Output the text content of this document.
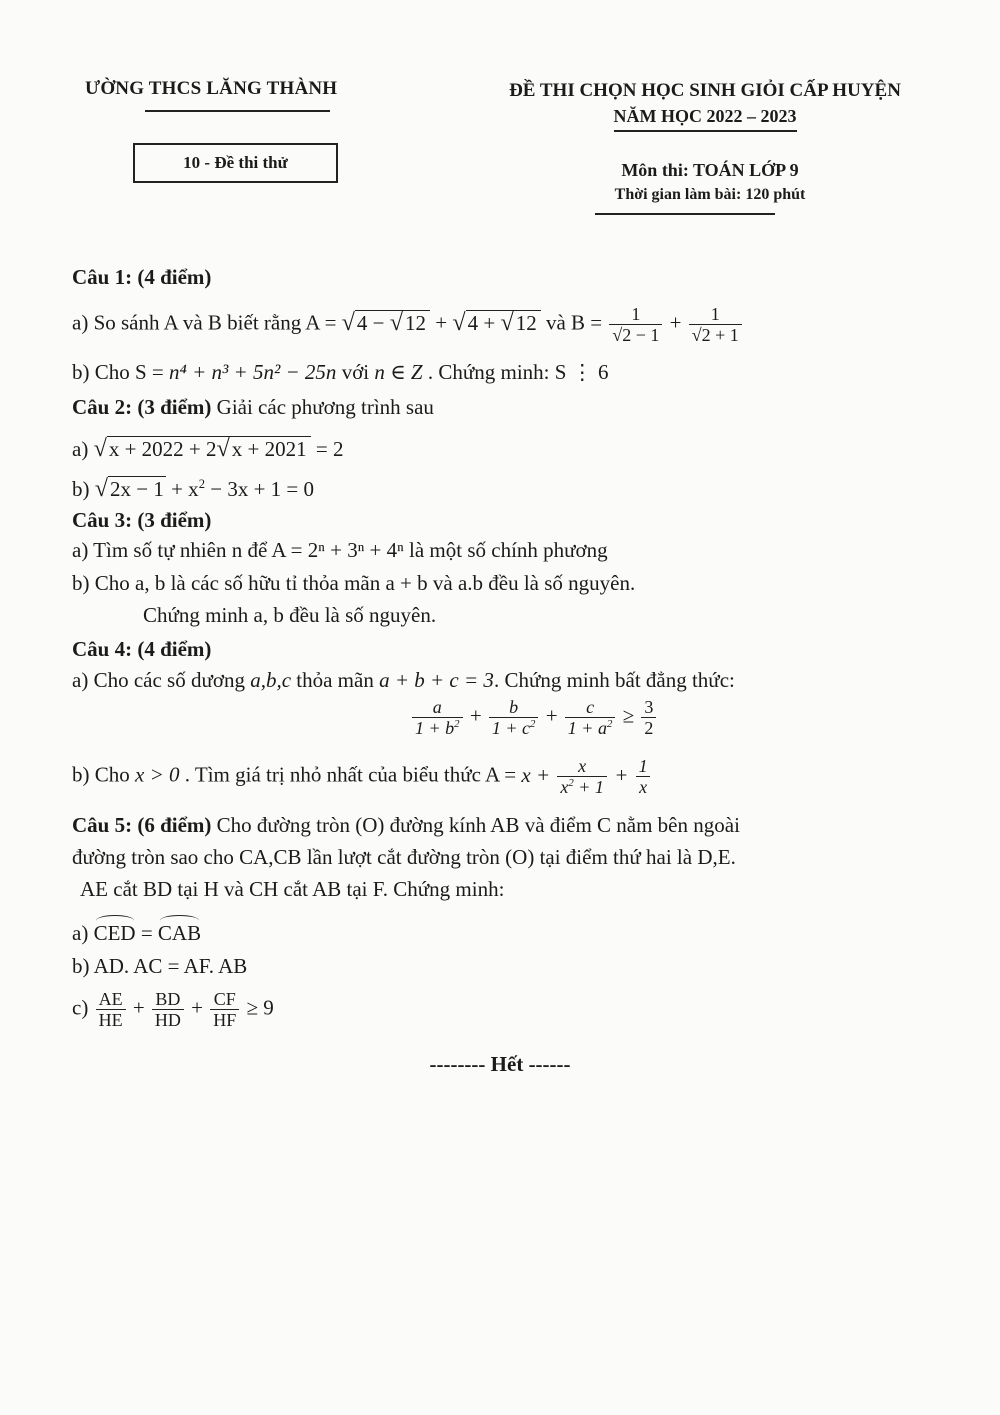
ƯỜNG THCS LĂNG THÀNH
10 - Đề thi thử
ĐỀ THI CHỌN HỌC SINH GIỎI CẤP HUYỆN
NĂM HỌC 2022 – 2023
Môn thi: TOÁN LỚP 9
Thời gian làm bài: 120 phút
Câu 1: (4 điểm)
a) So sánh A và B biết rằng A = √4 − √12 + √4 + √12 và $B = \frac{1}{√2 - 1} + \frac{1}{√2 + 1}$
b) Cho S = n⁴ + n³ + 5n² − 25n với n ∈ Z . Chứng minh: S ⋮ 6
Câu 2: (3 điểm) Giải các phương trình sau
a) √x + 2022 + 2√x + 2021 = 2
b) $√2x - 1 + x^2 - 3x + 1 = 0$
Câu 3: (3 điểm)
a) Tìm số tự nhiên n để A = 2ⁿ + 3ⁿ + 4ⁿ là một số chính phương
b) Cho a, b là các số hữu tỉ thỏa mãn a + b và a.b đều là số nguyên.
Chứng minh a, b đều là số nguyên.
Câu 4: (4 điểm)
a) Cho các số dương a,b,c thỏa mãn a + b + c = 3. Chứng minh bất đẳng thức:
$\frac{a}{1 + b^2} + \frac{b}{1 + c^2} + \frac{c}{1 + a^2} \ge \frac{3}{2}$
b) Cho x > 0 . Tìm giá trị nhỏ nhất của biểu thức $A = x + \frac{x}{x^2 + 1} + \frac{1}{x}$
Câu 5: (6 điểm) Cho đường tròn (O) đường kính AB và điểm C nằm bên ngoài
đường tròn sao cho CA,CB lần lượt cắt đường tròn (O) tại điểm thứ hai là D,E.
AE cắt BD tại H và CH cắt AB tại F. Chứng minh:
a) CED = CAB
b) AD. AC = AF. AB
$c) \frac{AE}{HE} + \frac{BD}{HD} + \frac{CF}{HF} \ge 9$
-------- Hết ------
